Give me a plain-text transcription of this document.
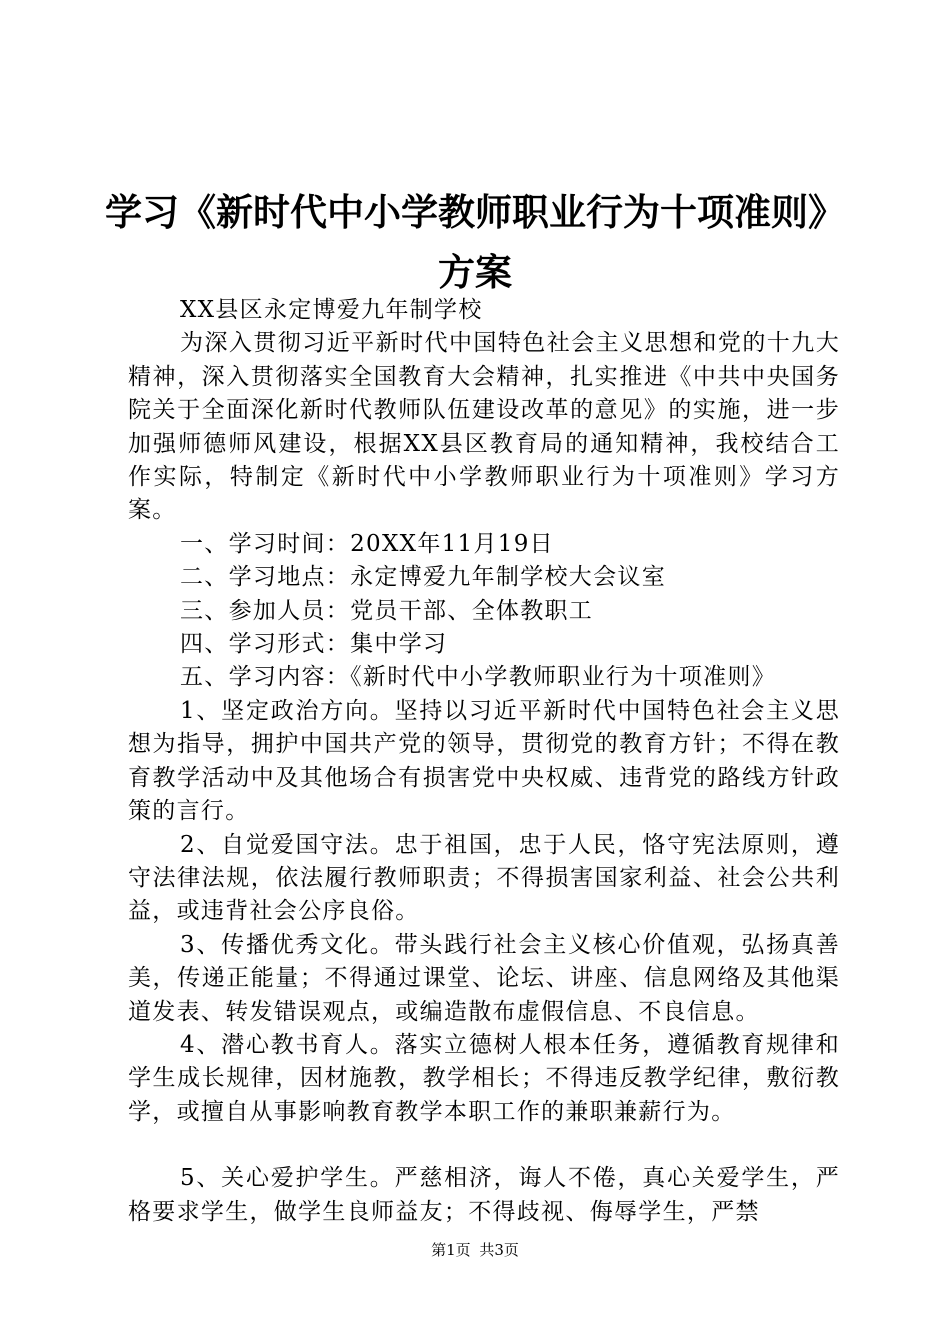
学习《新时代中小学教师职业行为十项准则》
方案

XX县区永定博爱九年制学校

为深入贯彻习近平新时代中国特色社会主义思想和党的十九大精神，深入贯彻落实全国教育大会精神，扎实推进《中共中央国务院关于全面深化新时代教师队伍建设改革的意见》的实施，进一步加强师德师风建设，根据XX县区教育局的通知精神，我校结合工作实际，特制定《新时代中小学教师职业行为十项准则》学习方案。

一、学习时间：20XX年11月19日

二、学习地点：永定博爱九年制学校大会议室

三、参加人员：党员干部、全体教职工

四、学习形式：集中学习

五、学习内容：《新时代中小学教师职业行为十项准则》

1、坚定政治方向。坚持以习近平新时代中国特色社会主义思想为指导，拥护中国共产党的领导，贯彻党的教育方针；不得在教育教学活动中及其他场合有损害党中央权威、违背党的路线方针政策的言行。

2、自觉爱国守法。忠于祖国，忠于人民，恪守宪法原则，遵守法律法规，依法履行教师职责；不得损害国家利益、社会公共利益，或违背社会公序良俗。

3、传播优秀文化。带头践行社会主义核心价值观，弘扬真善美，传递正能量；不得通过课堂、论坛、讲座、信息网络及其他渠道发表、转发错误观点，或编造散布虚假信息、不良信息。

4、潜心教书育人。落实立德树人根本任务，遵循教育规律和学生成长规律，因材施教，教学相长；不得违反教学纪律，敷衍教学，或擅自从事影响教育教学本职工作的兼职兼薪行为。

5、关心爱护学生。严慈相济，诲人不倦，真心关爱学生，严格要求学生，做学生良师益友；不得歧视、侮辱学生，严禁

第1页 共3页
